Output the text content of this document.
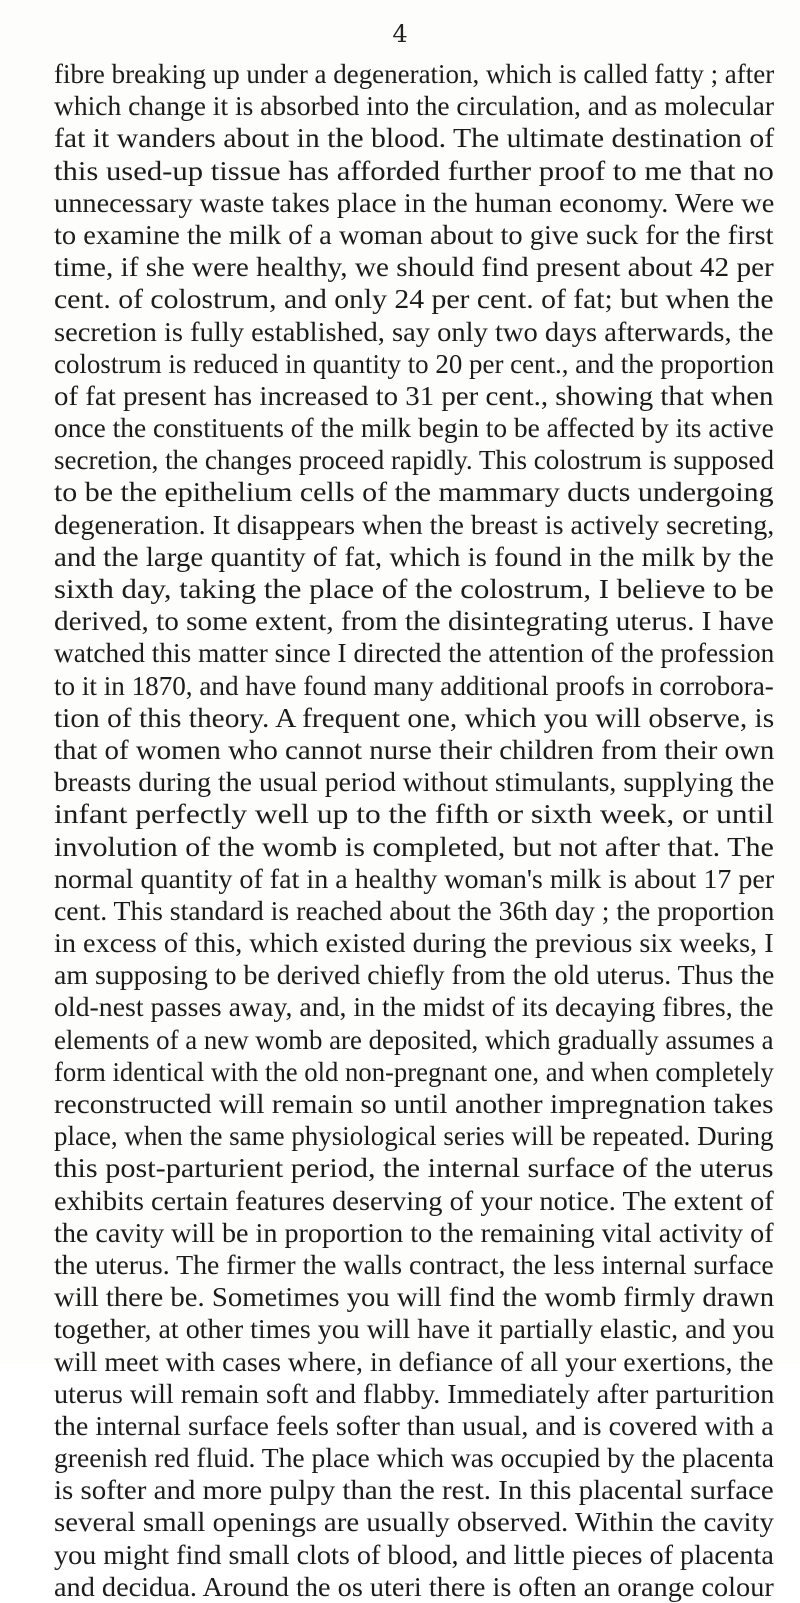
4
fibre breaking up under a degeneration, which is called fatty ; after
which change it is absorbed into the circulation, and as molecular
fat it wanders about in the blood. The ultimate destination of
this used-up tissue has afforded further proof to me that no
unnecessary waste takes place in the human economy. Were we
to examine the milk of a woman about to give suck for the first
time, if she were healthy, we should find present about 42 per
cent. of colostrum, and only 24 per cent. of fat; but when the
secretion is fully established, say only two days afterwards, the
colostrum is reduced in quantity to 20 per cent., and the proportion
of fat present has increased to 31 per cent., showing that when
once the constituents of the milk begin to be affected by its active
secretion, the changes proceed rapidly. This colostrum is supposed
to be the epithelium cells of the mammary ducts undergoing
degeneration. It disappears when the breast is actively secreting,
and the large quantity of fat, which is found in the milk by the
sixth day, taking the place of the colostrum, I believe to be
derived, to some extent, from the disintegrating uterus. I have
watched this matter since I directed the attention of the profession
to it in 1870, and have found many additional proofs in corrobora-
tion of this theory. A frequent one, which you will observe, is
that of women who cannot nurse their children from their own
breasts during the usual period without stimulants, supplying the
infant perfectly well up to the fifth or sixth week, or until
involution of the womb is completed, but not after that. The
normal quantity of fat in a healthy woman's milk is about 17 per
cent. This standard is reached about the 36th day ; the proportion
in excess of this, which existed during the previous six weeks, I
am supposing to be derived chiefly from the old uterus. Thus the
old-nest passes away, and, in the midst of its decaying fibres, the
elements of a new womb are deposited, which gradually assumes a
form identical with the old non-pregnant one, and when completely
reconstructed will remain so until another impregnation takes
place, when the same physiological series will be repeated. During
this post-parturient period, the internal surface of the uterus
exhibits certain features deserving of your notice. The extent of
the cavity will be in proportion to the remaining vital activity of
the uterus. The firmer the walls contract, the less internal surface
will there be. Sometimes you will find the womb firmly drawn
together, at other times you will have it partially elastic, and you
will meet with cases where, in defiance of all your exertions, the
uterus will remain soft and flabby. Immediately after parturition
the internal surface feels softer than usual, and is covered with a
greenish red fluid. The place which was occupied by the placenta
is softer and more pulpy than the rest. In this placental surface
several small openings are usually observed. Within the cavity
you might find small clots of blood, and little pieces of placenta
and decidua. Around the os uteri there is often an orange colour
